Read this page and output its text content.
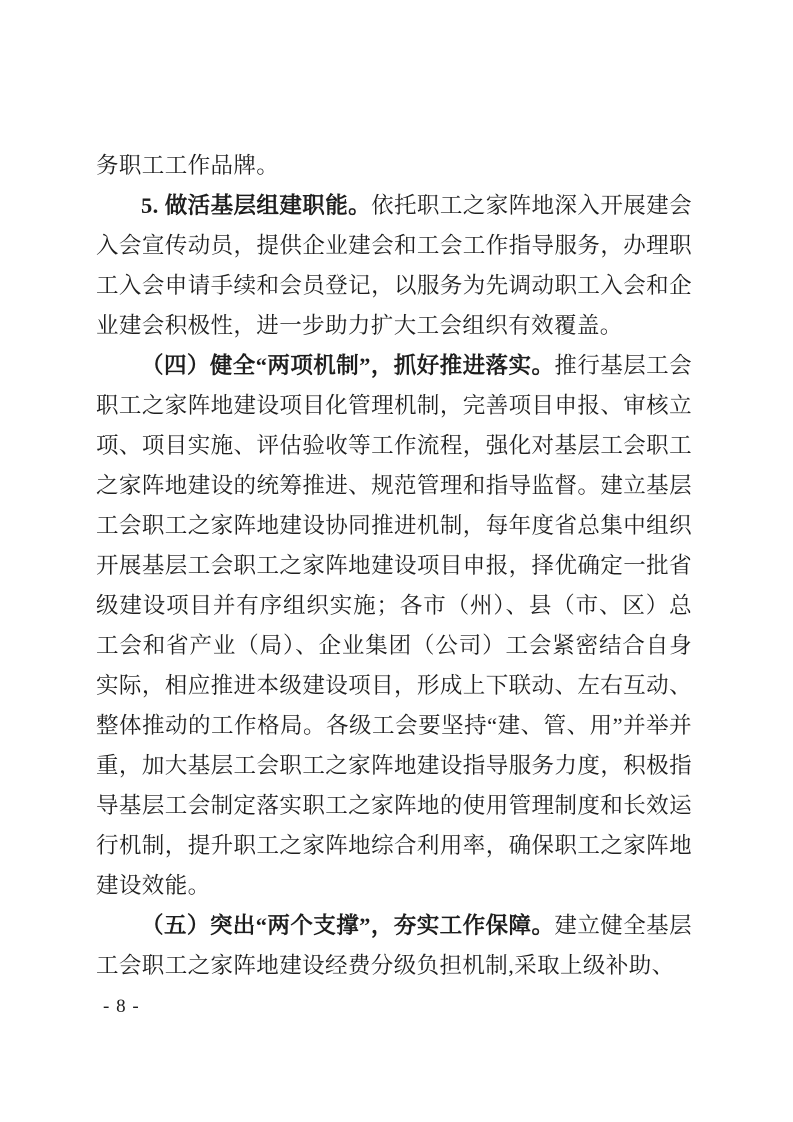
务职工工作品牌。

5. 做活基层组建职能。依托职工之家阵地深入开展建会入会宣传动员，提供企业建会和工会工作指导服务，办理职工入会申请手续和会员登记，以服务为先调动职工入会和企业建会积极性，进一步助力扩大工会组织有效覆盖。

（四）健全“两项机制”，抓好推进落实。推行基层工会职工之家阵地建设项目化管理机制，完善项目申报、审核立项、项目实施、评估验收等工作流程，强化对基层工会职工之家阵地建设的统筹推进、规范管理和指导监督。建立基层工会职工之家阵地建设协同推进机制，每年度省总集中组织开展基层工会职工之家阵地建设项目申报，择优确定一批省级建设项目并有序组织实施；各市（州）、县（市、区）总工会和省产业（局）、企业集团（公司）工会紧密结合自身实际，相应推进本级建设项目，形成上下联动、左右互动、整体推动的工作格局。各级工会要坚持“建、管、用”并举并重，加大基层工会职工之家阵地建设指导服务力度，积极指导基层工会制定落实职工之家阵地的使用管理制度和长效运行机制，提升职工之家阵地综合利用率，确保职工之家阵地建设效能。

（五）突出“两个支撑”，夯实工作保障。建立健全基层工会职工之家阵地建设经费分级负担机制,采取上级补助、

- 8 -
